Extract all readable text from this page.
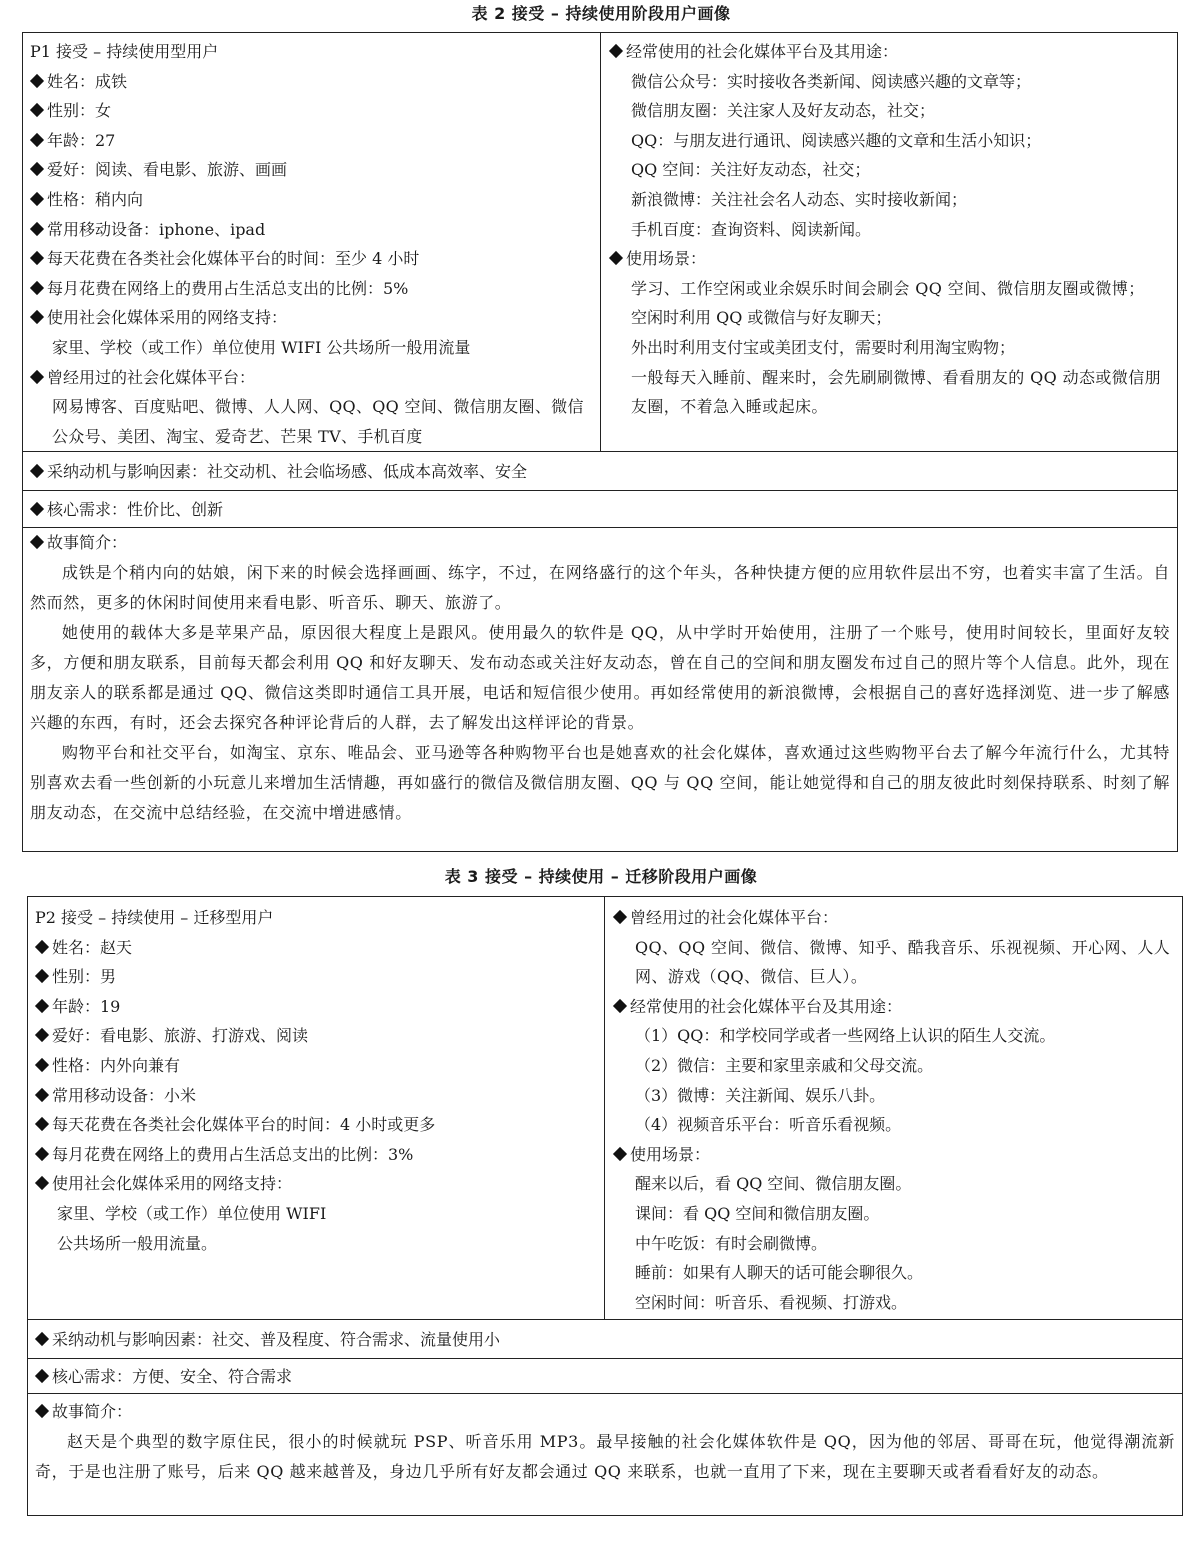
表 2 接受 – 持续使用阶段用户画像
P1 接受 – 持续使用型用户
姓名：成铁
性别：女
年龄：27
爱好：阅读、看电影、旅游、画画
性格：稍内向
常用移动设备：iphone、ipad
每天花费在各类社会化媒体平台的时间：至少 4 小时
每月花费在网络上的费用占生活总支出的比例：5%
使用社会化媒体采用的网络支持：
家里、学校（或工作）单位使用 WIFI 公共场所一般用流量
曾经用过的社会化媒体平台：
网易博客、百度贴吧、微博、人人网、QQ、QQ 空间、微信朋友圈、微信公众号、美团、淘宝、爱奇艺、芒果 TV、手机百度
经常使用的社会化媒体平台及其用途：
微信公众号：实时接收各类新闻、阅读感兴趣的文章等；
微信朋友圈：关注家人及好友动态，社交；
QQ：与朋友进行通讯、阅读感兴趣的文章和生活小知识；
QQ 空间：关注好友动态，社交；
新浪微博：关注社会名人动态、实时接收新闻；
手机百度：查询资料、阅读新闻。
使用场景：
学习、工作空闲或业余娱乐时间会刷会 QQ 空间、微信朋友圈或微博；
空闲时利用 QQ 或微信与好友聊天；
外出时利用支付宝或美团支付，需要时利用淘宝购物；
一般每天入睡前、醒来时，会先刷刷微博、看看朋友的 QQ 动态或微信朋友圈，不着急入睡或起床。
采纳动机与影响因素：社交动机、社会临场感、低成本高效率、安全
核心需求：性价比、创新
故事简介：
成铁是个稍内向的姑娘，闲下来的时候会选择画画、练字，不过，在网络盛行的这个年头，各种快捷方便的应用软件层出不穷，也着实丰富了生活。自然而然，更多的休闲时间使用来看电影、听音乐、聊天、旅游了。
她使用的载体大多是苹果产品，原因很大程度上是跟风。使用最久的软件是 QQ，从中学时开始使用，注册了一个账号，使用时间较长，里面好友较多，方便和朋友联系，目前每天都会利用 QQ 和好友聊天、发布动态或关注好友动态，曾在自己的空间和朋友圈发布过自己的照片等个人信息。此外，现在朋友亲人的联系都是通过 QQ、微信这类即时通信工具开展，电话和短信很少使用。再如经常使用的新浪微博，会根据自己的喜好选择浏览、进一步了解感兴趣的东西，有时，还会去探究各种评论背后的人群，去了解发出这样评论的背景。
购物平台和社交平台，如淘宝、京东、唯品会、亚马逊等各种购物平台也是她喜欢的社会化媒体，喜欢通过这些购物平台去了解今年流行什么，尤其特别喜欢去看一些创新的小玩意儿来增加生活情趣，再如盛行的微信及微信朋友圈、QQ 与 QQ 空间，能让她觉得和自己的朋友彼此时刻保持联系、时刻了解朋友动态，在交流中总结经验，在交流中增进感情。
表 3 接受 – 持续使用 – 迁移阶段用户画像
P2 接受 – 持续使用 – 迁移型用户
姓名：赵天
性别：男
年龄：19
爱好：看电影、旅游、打游戏、阅读
性格：内外向兼有
常用移动设备：小米
每天花费在各类社会化媒体平台的时间：4 小时或更多
每月花费在网络上的费用占生活总支出的比例：3%
使用社会化媒体采用的网络支持：
家里、学校（或工作）单位使用 WIFI
公共场所一般用流量。
曾经用过的社会化媒体平台：
QQ、QQ 空间、微信、微博、知乎、酷我音乐、乐视视频、开心网、人人网、游戏（QQ、微信、巨人）。
经常使用的社会化媒体平台及其用途：
（1）QQ：和学校同学或者一些网络上认识的陌生人交流。
（2）微信：主要和家里亲戚和父母交流。
（3）微博：关注新闻、娱乐八卦。
（4）视频音乐平台：听音乐看视频。
使用场景：
醒来以后，看 QQ 空间、微信朋友圈。
课间：看 QQ 空间和微信朋友圈。
中午吃饭：有时会刷微博。
睡前：如果有人聊天的话可能会聊很久。
空闲时间：听音乐、看视频、打游戏。
采纳动机与影响因素：社交、普及程度、符合需求、流量使用小
核心需求：方便、安全、符合需求
故事简介：
赵天是个典型的数字原住民，很小的时候就玩 PSP、听音乐用 MP3。最早接触的社会化媒体软件是 QQ，因为他的邻居、哥哥在玩，他觉得潮流新奇，于是也注册了账号，后来 QQ 越来越普及，身边几乎所有好友都会通过 QQ 来联系，也就一直用了下来，现在主要聊天或者看看好友的动态。
